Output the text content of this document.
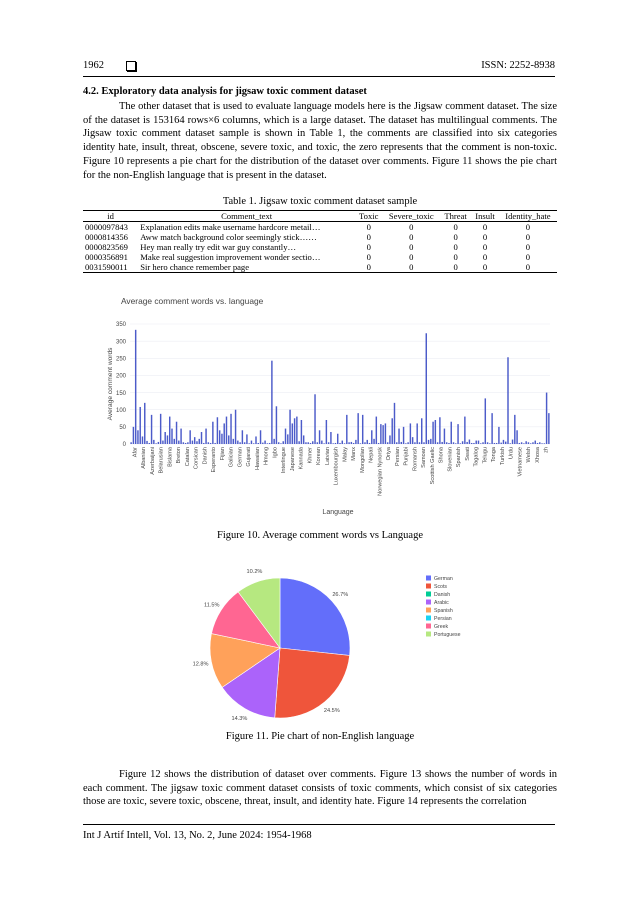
1962	ISSN: 2252-8938
4.2. Exploratory data analysis for jigsaw toxic comment dataset

The other dataset that is used to evaluate language models here is the Jigsaw comment dataset. The size of the dataset is 153164 rows×6 columns, which is a large dataset. The dataset has multilingual comments. The Jigsaw toxic comment dataset sample is shown in Table 1, the comments are classified into six categories identity hate, insult, threat, obscene, severe toxic, and toxic, the zero represents that the comment is non-toxic. Figure 10 represents a pie chart for the distribution of the dataset over comments. Figure 11 shows the pie chart for the non-English language that is present in the dataset.

Table 1. Jigsaw toxic comment dataset sample
id	Comment_text	Toxic	Severe_toxic	Threat	Insult	Identity_hate
0000097843	Explanation edits make username hardcore metail…	0	0	0	0	0
0000814356	Aww match background color seemingly stick……	0	0	0	0	0
0000823569	Hey man really try edit war guy constantly…	0	0	0	0	0
0000356891	Make real suggestion improvement wonder sectio…	0	0	0	0	0
0031590011	Sir hero chance remember page	0	0	0	0	0
Average comment words vs. language
0
50
100
150
200
250
300
350
Afar Albanian Azerbaijani Belarusian Bislama Breton Catalan Corsican Danish Esperanto Fijian Galician German Gujarati Hawaiian Hmong Igbo Interlingue Japanese Kannada Khmer Korean Latvian Luxembourgish Malay Manx Mongolian Nepali Norwegian Nynorsk Oriya Persian Punjabi Romansh Samoan Scottish Gaelic Shona Slovenian Spanish Swati Tagalog Telugu Tonga Turkish Urdu Vietnamese Welsh Xhosa zh
Average comment words
Language
Figure 10. Average comment words vs Language
26.7%
24.5%
14.3%
12.8%
11.5%
10.2%
German
Scots
Danish
Arabic
Spanish
Persian
Greek
Portuguese
Figure 11. Pie chart of non-English language

Figure 12 shows the distribution of dataset over comments. Figure 13 shows the number of words in each comment. The jigsaw toxic comment dataset consists of toxic comments, which consist of six categories those are toxic, severe toxic, obscene, threat, insult, and identity hate. Figure 14 represents the correlation

Int J Artif Intell, Vol. 13, No. 2, June 2024: 1954-1968
